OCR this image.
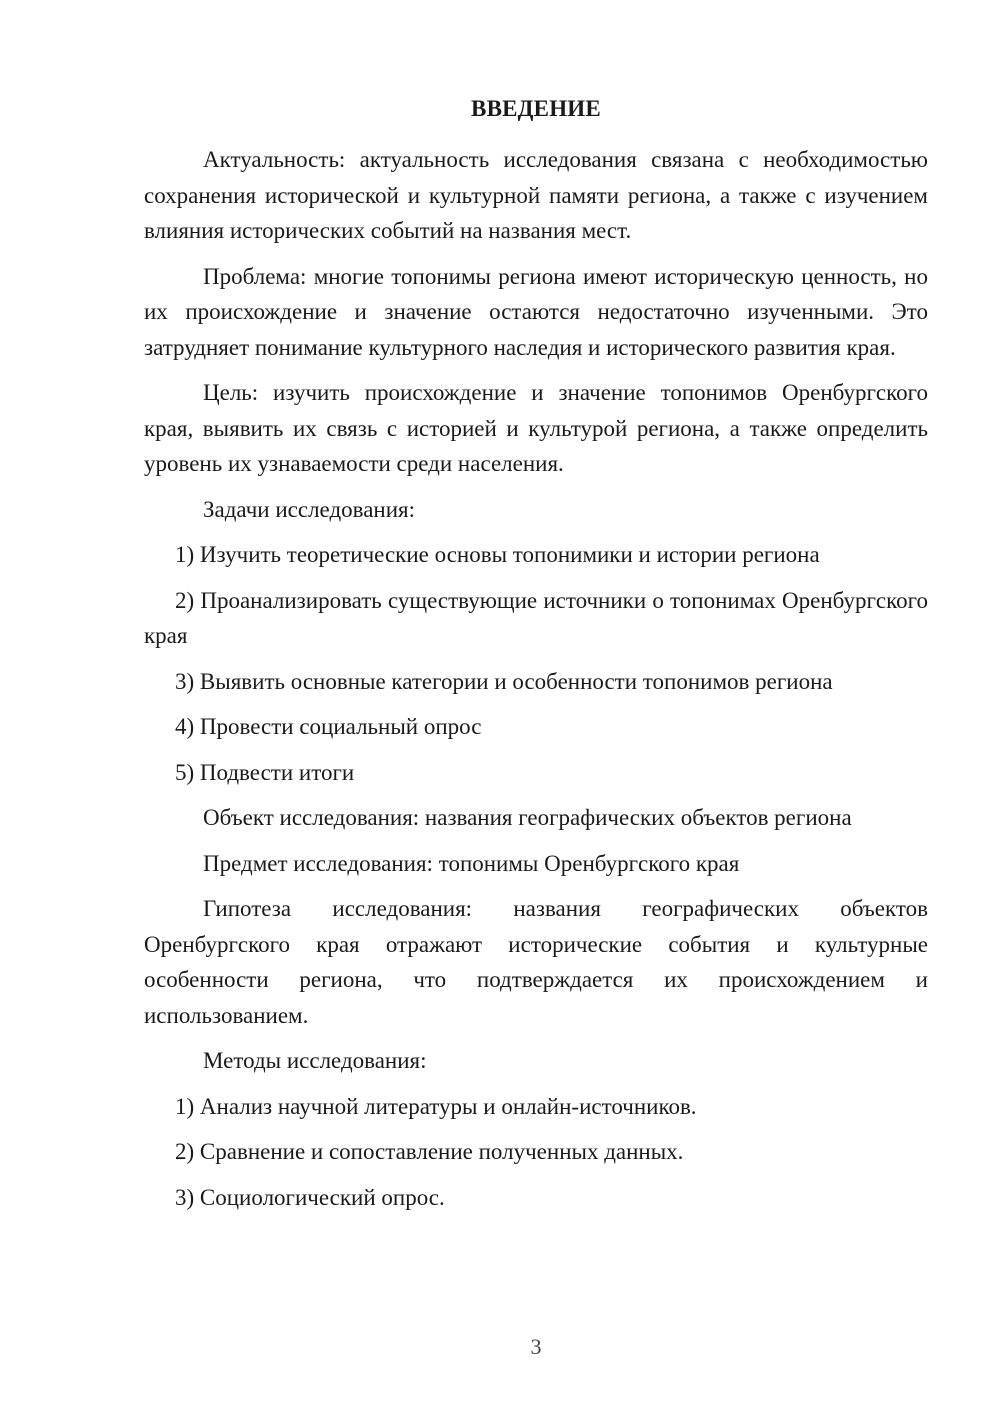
ВВЕДЕНИЕ

Актуальность: актуальность исследования связана с необходимостью сохранения исторической и культурной памяти региона, а также с изучением влияния исторических событий на названия мест.

Проблема: многие топонимы региона имеют историческую ценность, но их происхождение и значение остаются недостаточно изученными. Это затрудняет понимание культурного наследия и исторического развития края.

Цель: изучить происхождение и значение топонимов Оренбургского края, выявить их связь с историей и культурой региона, а также определить уровень их узнаваемости среди населения.

Задачи исследования:

1) Изучить теоретические основы топонимики и истории региона

2) Проанализировать существующие источники о топонимах Оренбургского края

3) Выявить основные категории и особенности топонимов региона

4) Провести социальный опрос

5) Подвести итоги

Объект исследования: названия географических объектов региона

Предмет исследования: топонимы Оренбургского края

Гипотеза исследования: названия географических объектов Оренбургского края отражают исторические события и культурные особенности региона, что подтверждается их происхождением и использованием.

Методы исследования:

1) Анализ научной литературы и онлайн-источников.

2) Сравнение и сопоставление полученных данных.

3) Социологический опрос.

3
